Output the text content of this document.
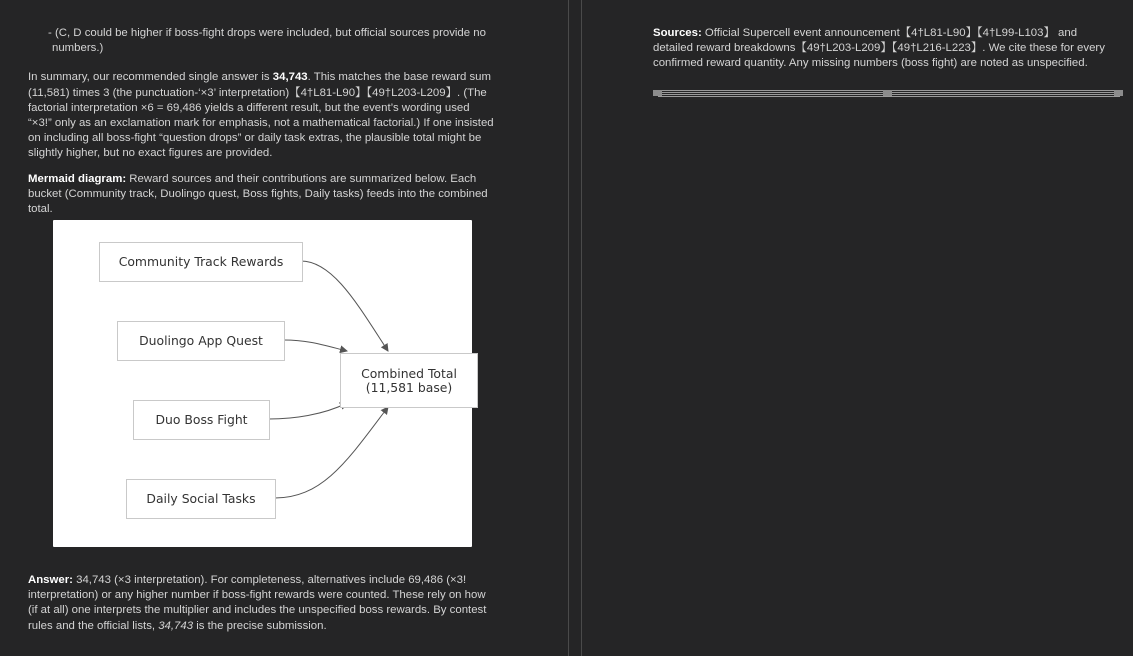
- (C, D could be higher if boss-fight drops were included, but official sources provide no numbers.)

In summary, our recommended single answer is 34,743. This matches the base reward sum (11,581) times 3 (the punctuation-‘×3’ interpretation)【4†L81-L90】【49†L203-L209】. (The factorial interpretation ×6 = 69,486 yields a different result, but the event’s wording used “×3!” only as an exclamation mark for emphasis, not a mathematical factorial.) If one insisted on including all boss-fight “question drops” or daily task extras, the plausible total might be slightly higher, but no exact figures are provided.

Mermaid diagram: Reward sources and their contributions are summarized below. Each bucket (Community track, Duolingo quest, Boss fights, Daily tasks) feeds into the combined total.

Community Track Rewards
Duolingo App Quest
Duo Boss Fight
Daily Social Tasks
Combined Total
(11,581 base)

Answer: 34,743 (×3 interpretation). For completeness, alternatives include 69,486 (×3! interpretation) or any higher number if boss-fight rewards were counted. These rely on how (if at all) one interprets the multiplier and includes the unspecified boss rewards. By contest rules and the official lists, 34,743 is the precise submission.

Sources: Official Supercell event announcement【4†L81-L90】【4†L99-L103】 and detailed reward breakdowns【49†L203-L209】【49†L216-L223】. We cite these for every confirmed reward quantity. Any missing numbers (boss fight) are noted as unspecified.
